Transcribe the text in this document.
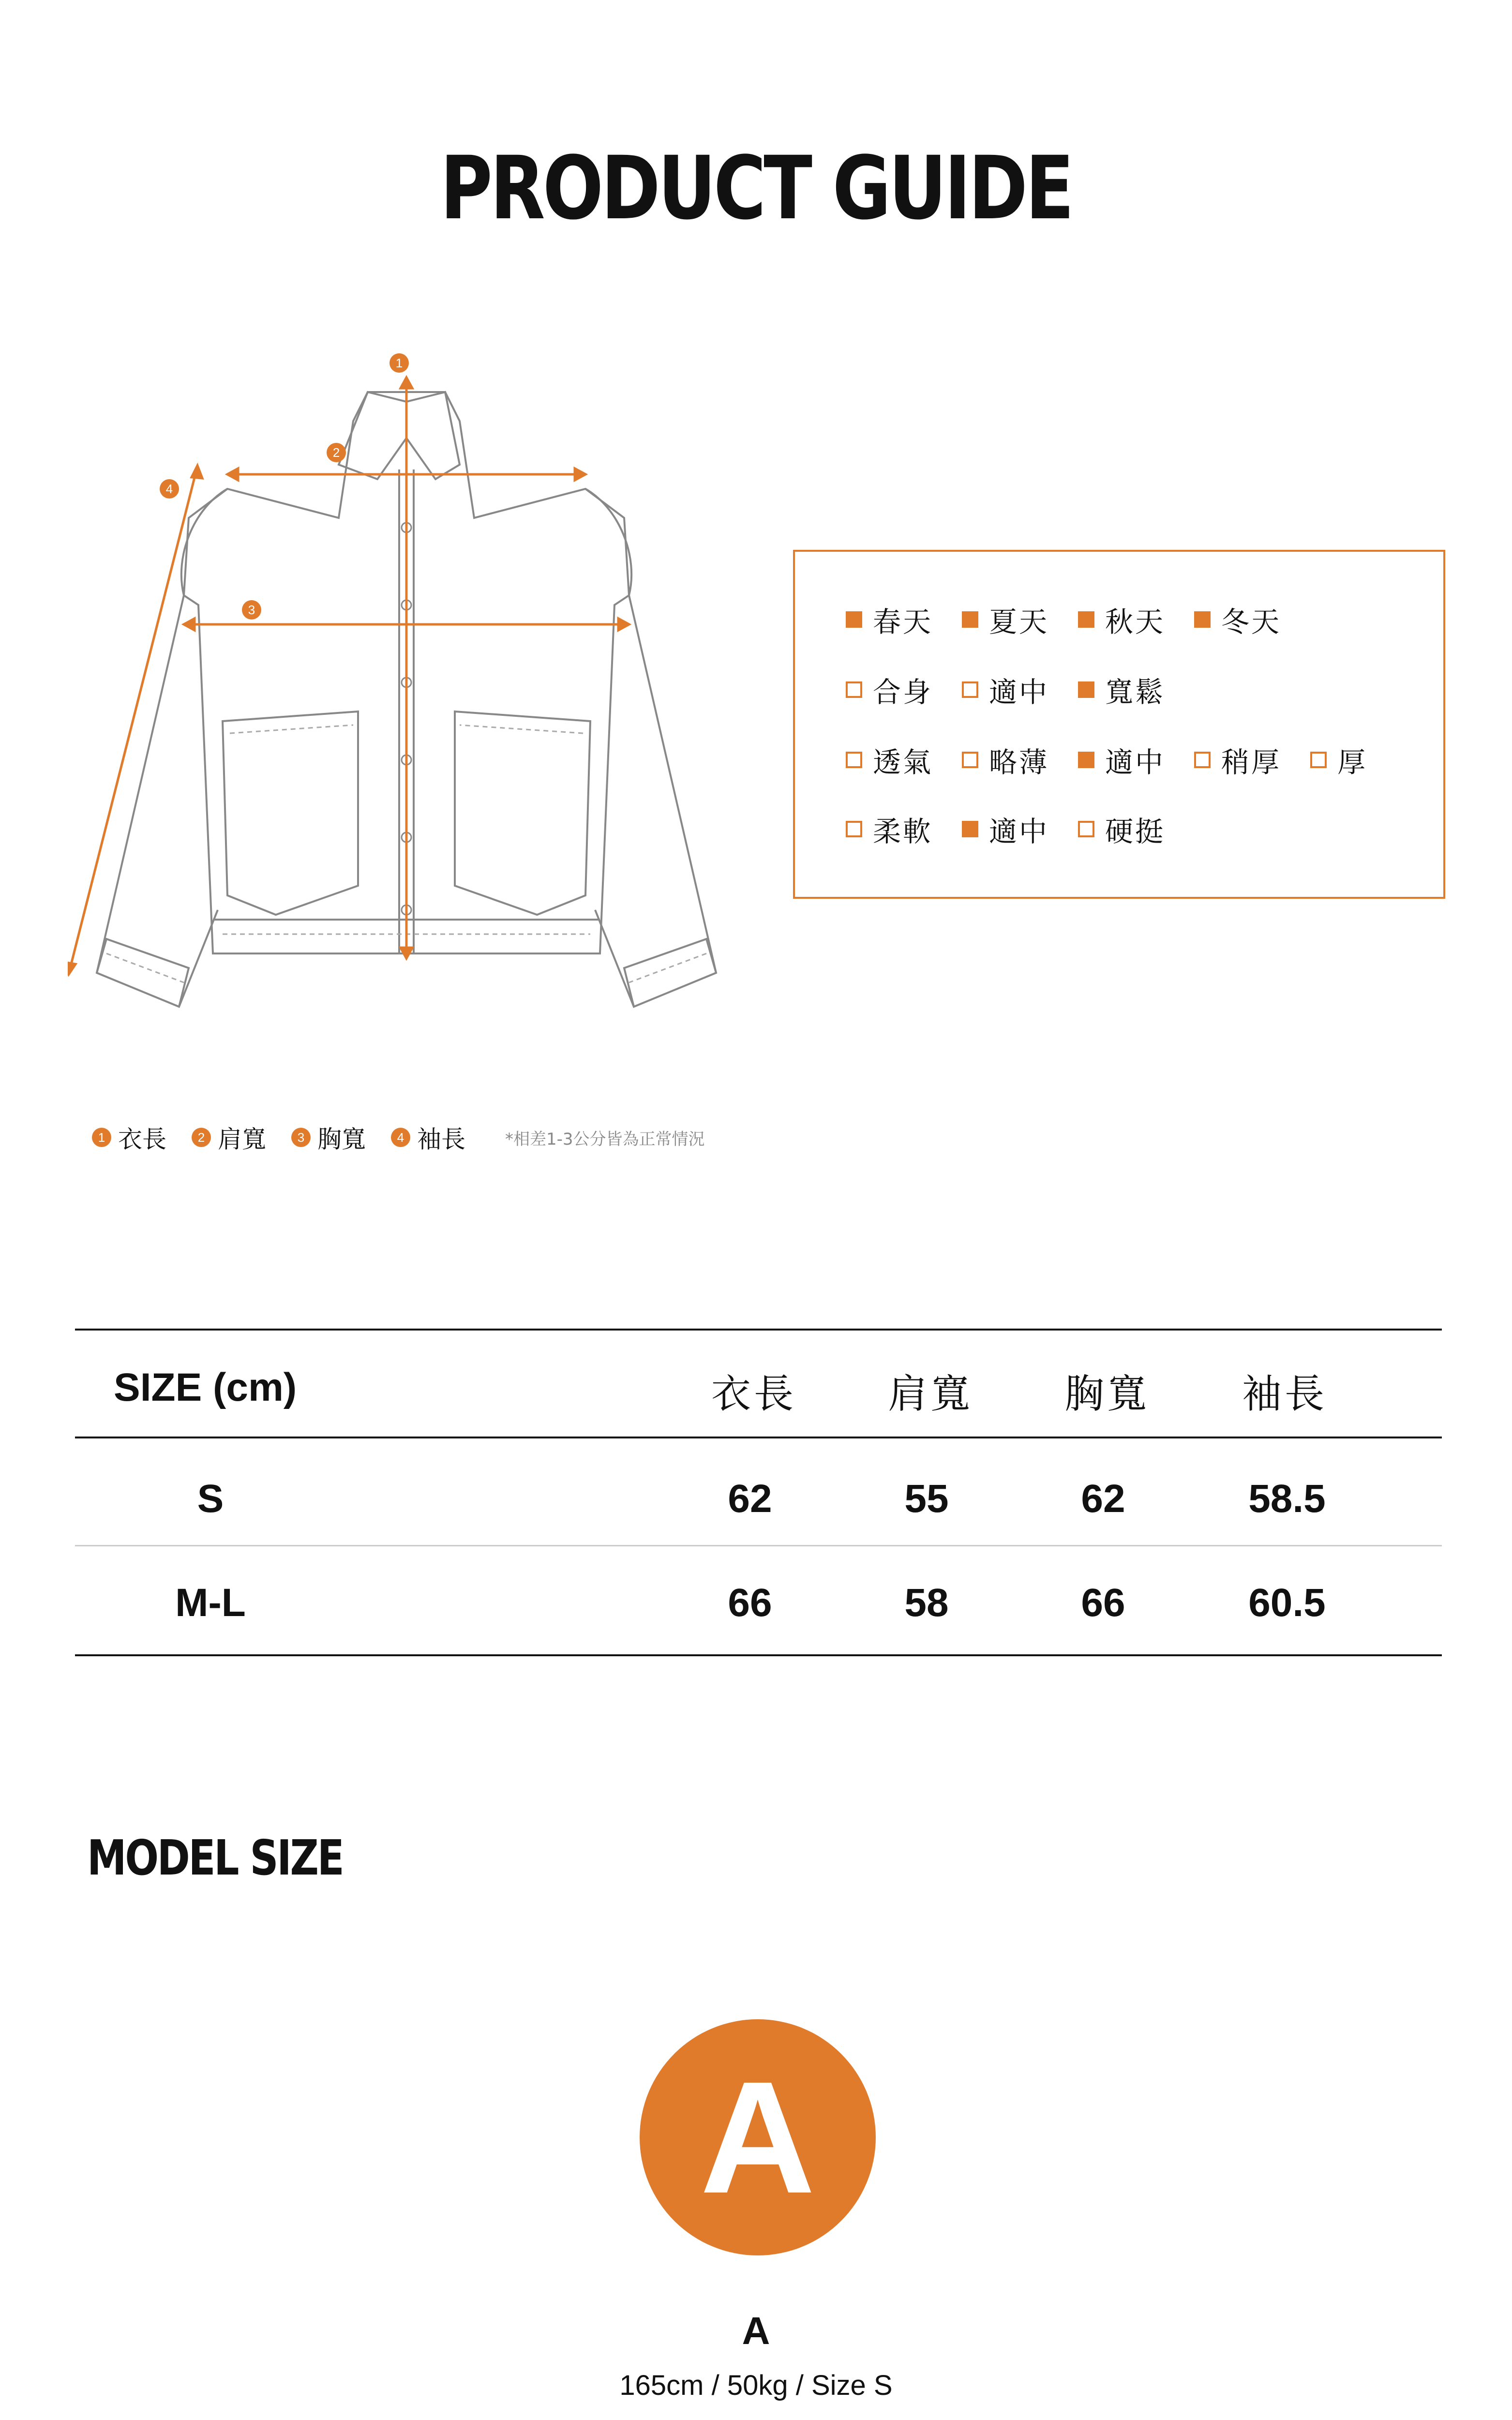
PRODUCT GUIDE
1
2
3
4
春天 夏天 秋天 冬天
合身 適中 寬鬆
透氣 略薄 適中 稍厚 厚
柔軟 適中 硬挺
1 衣長	2 肩寬	3 胸寬	4 袖長 *相差1-3公分皆為正常情況
SIZE (cm)	衣長 肩寬 胸寬 袖長
S	62	55	62	58.5
M-L	66	58	66	60.5
MODEL SIZE
A
A
165cm / 50kg / Size S
